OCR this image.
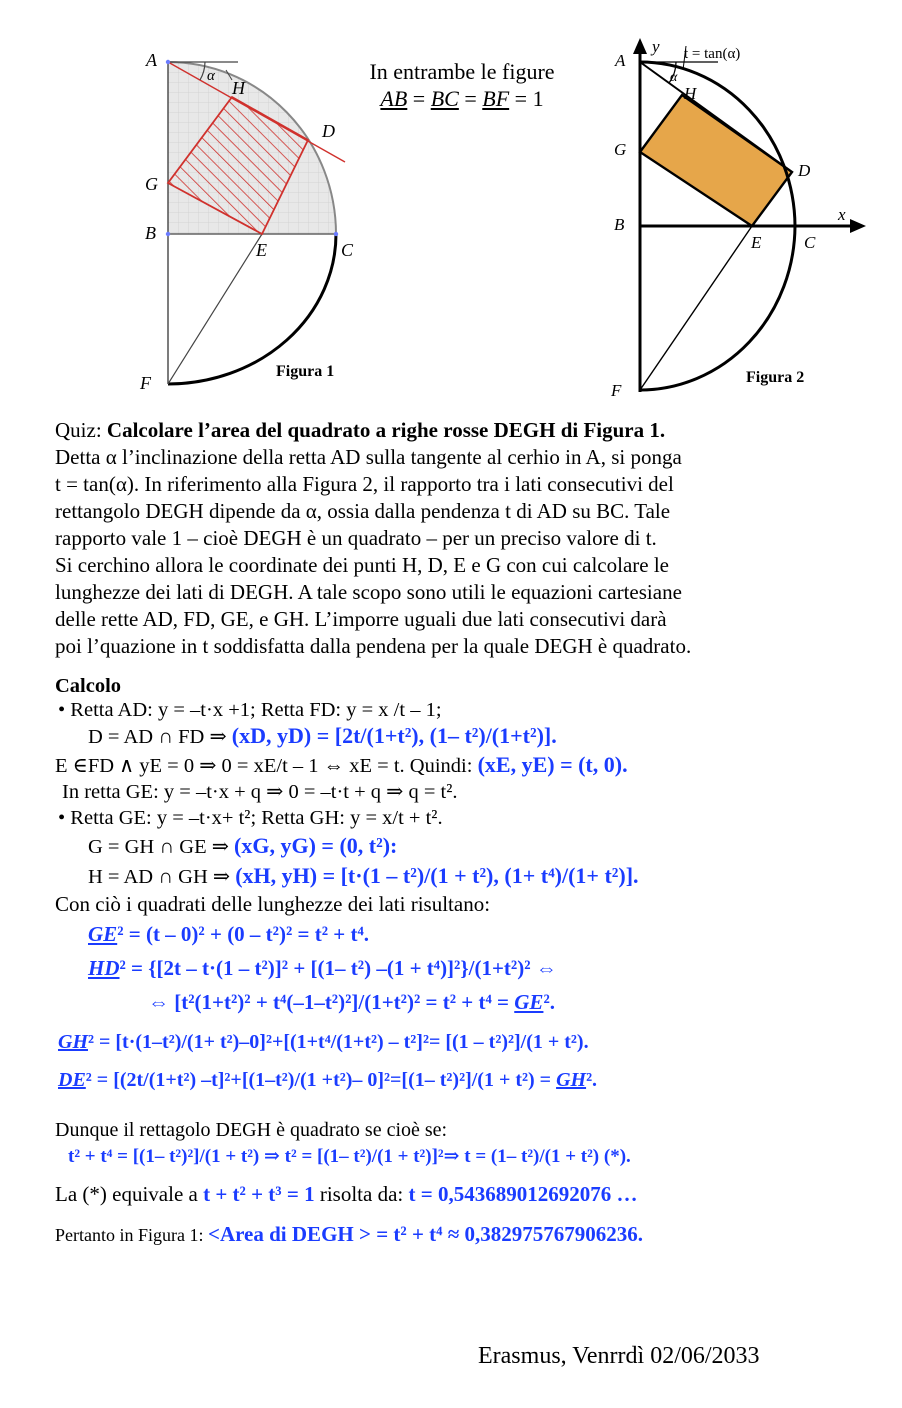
A
α
H
D
G
B
E	C
F
Figura 1
In entrambe le figure
AB = BC = BF = 1
A
y t = tan(α)
α
H
G
D
x
B
E	C
F
Figura 2
Quiz: Calcolare l’area del quadrato a righe rosse DEGH di Figura 1.
Detta α l’inclinazione della retta AD sulla tangente al cerhio in A, si ponga
t = tan(α). In riferimento alla Figura 2, il rapporto tra i lati consecutivi del
rettangolo DEGH dipende da α, ossia dalla pendenza t di AD su BC. Tale
rapporto vale 1 – cioè DEGH è un quadrato – per un preciso valore di t.
Si cerchino allora le coordinate dei punti H, D, E e G con cui calcolare le
lunghezze dei lati di DEGH. A tale scopo sono utili le equazioni cartesiane
delle rette AD, FD, GE, e GH. L’imporre uguali due lati consecutivi darà
poi l’quazione in t soddisfatta dalla pendena per la quale DEGH è quadrato.
Calcolo
• Retta AD: y = –t·x +1; Retta FD: y = x /t – 1;
D = AD ∩ FD ⇒ (xD, yD) = [2t/(1+t²), (1– t²)/(1+t²)].
E ∈FD ∧ yE = 0 ⇒ 0 = xE/t – 1 ⇔ xE = t. Quindi: (xE, yE) = (t, 0).
In retta GE: y = –t·x + q ⇒ 0 = –t·t + q ⇒ q = t².
• Retta GE: y = –t·x+ t²; Retta GH: y = x/t + t².
G = GH ∩ GE ⇒ (xG, yG) = (0, t²):
H = AD ∩ GH ⇒ (xH, yH) = [t·(1 – t²)/(1 + t²), (1+ t⁴)/(1+ t²)].
Con ciò i quadrati delle lunghezze dei lati risultano:
GE² = (t – 0)² + (0 – t²)² = t² + t⁴.
HD² = {[2t – t·(1 – t²)]² + [(1– t²) –(1 + t⁴)]²}/(1+t²)² ⇔
⇔ [t²(1+t²)² + t⁴(–1–t²)²]/(1+t²)² = t² + t⁴ = GE².
GH² = [t·(1–t²)/(1+ t²)–0]²+[(1+t⁴/(1+t²) – t²]²= [(1 – t²)²]/(1 + t²).
DE² = [(2t/(1+t²) –t]²+[(1–t²)/(1 +t²)– 0]²=[(1– t²)²]/(1 + t²) = GH².
Dunque il rettagolo DEGH è quadrato se cioè se:
t² + t⁴ = [(1– t²)²]/(1 + t²) ⇒ t² = [(1– t²)/(1 + t²)]²⇒ t = (1– t²)/(1 + t²) (*).
La (*) equivale a t + t² + t³ = 1 risolta da: t = 0,543689012692076 …
Pertanto in Figura 1: <Area di DEGH > = t² + t⁴ ≈ 0,382975767906236.
Erasmus, Venrrdì 02/06/2033
